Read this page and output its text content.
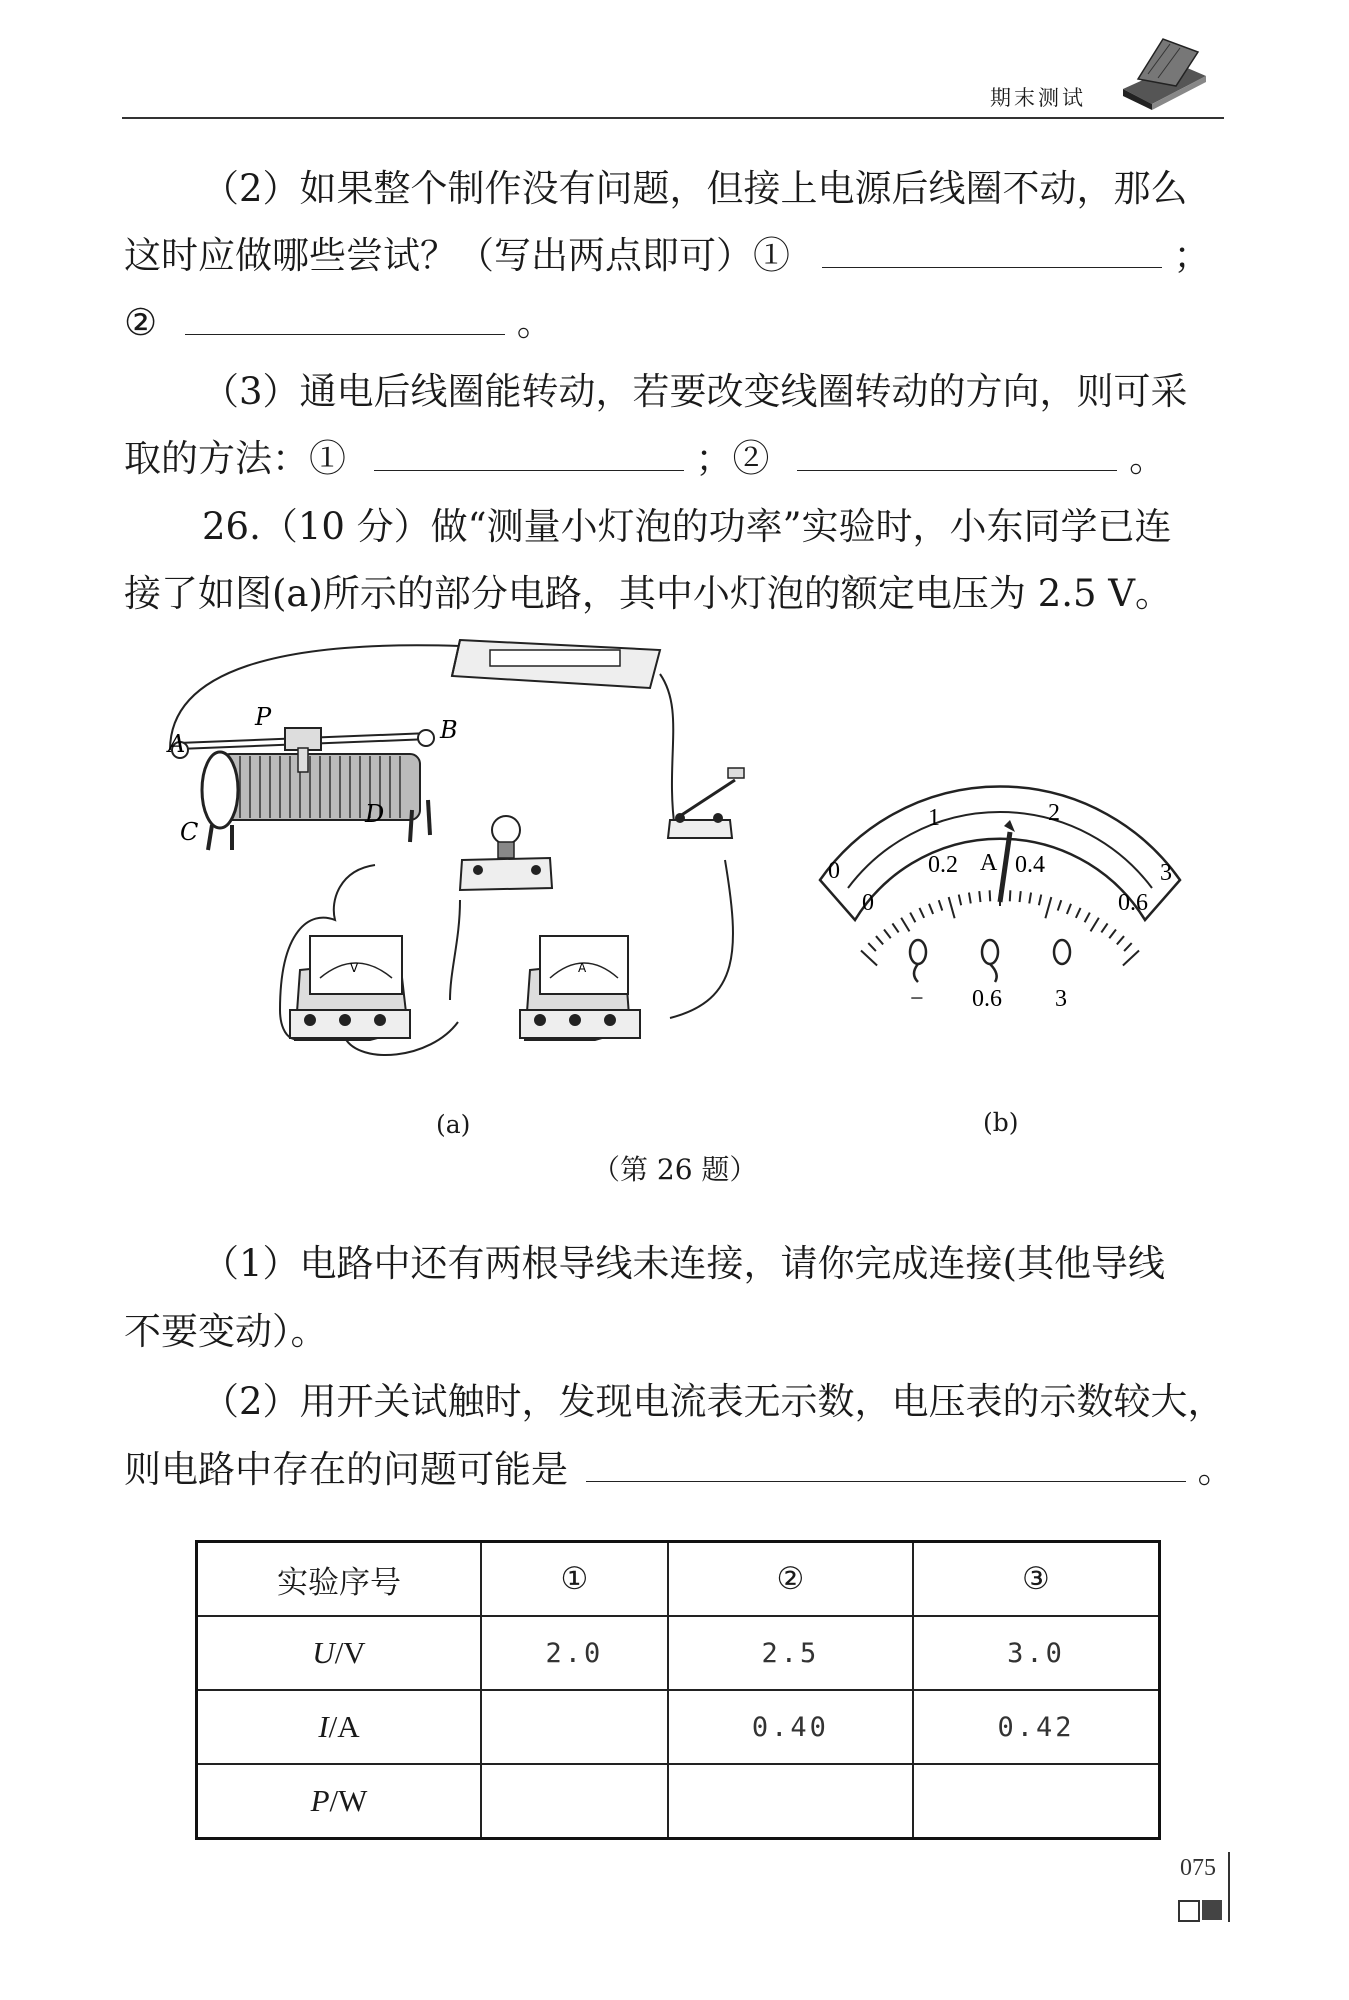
期末测试
（2）如果整个制作没有问题，但接上电源后线圈不动，那么
这时应做哪些尝试？（写出两点即可）①	；
②	。
（3）通电后线圈能转动，若要改变线圈转动的方向，则可采
取的方法：①	；②	。
26.（10 分）做“测量小灯泡的功率”实验时，小东同学已连
接了如图(a)所示的部分电路，其中小灯泡的额定电压为 2.5 V。
A	B
C
D
P
V	A
0
1	2
3
0
0.2 0.4
0.6
A
− 0.6 3
(a)	(b)
（第 26 题）
（1）电路中还有两根导线未连接，请你完成连接(其他导线
不要变动）。
（2）用开关试触时，发现电流表无示数，电压表的示数较大，
则电路中存在的问题可能是	。
实验序号	①	②	③
U/V	2.0	2.5	3.0
I/A		0.40	0.42
P/W			
075
